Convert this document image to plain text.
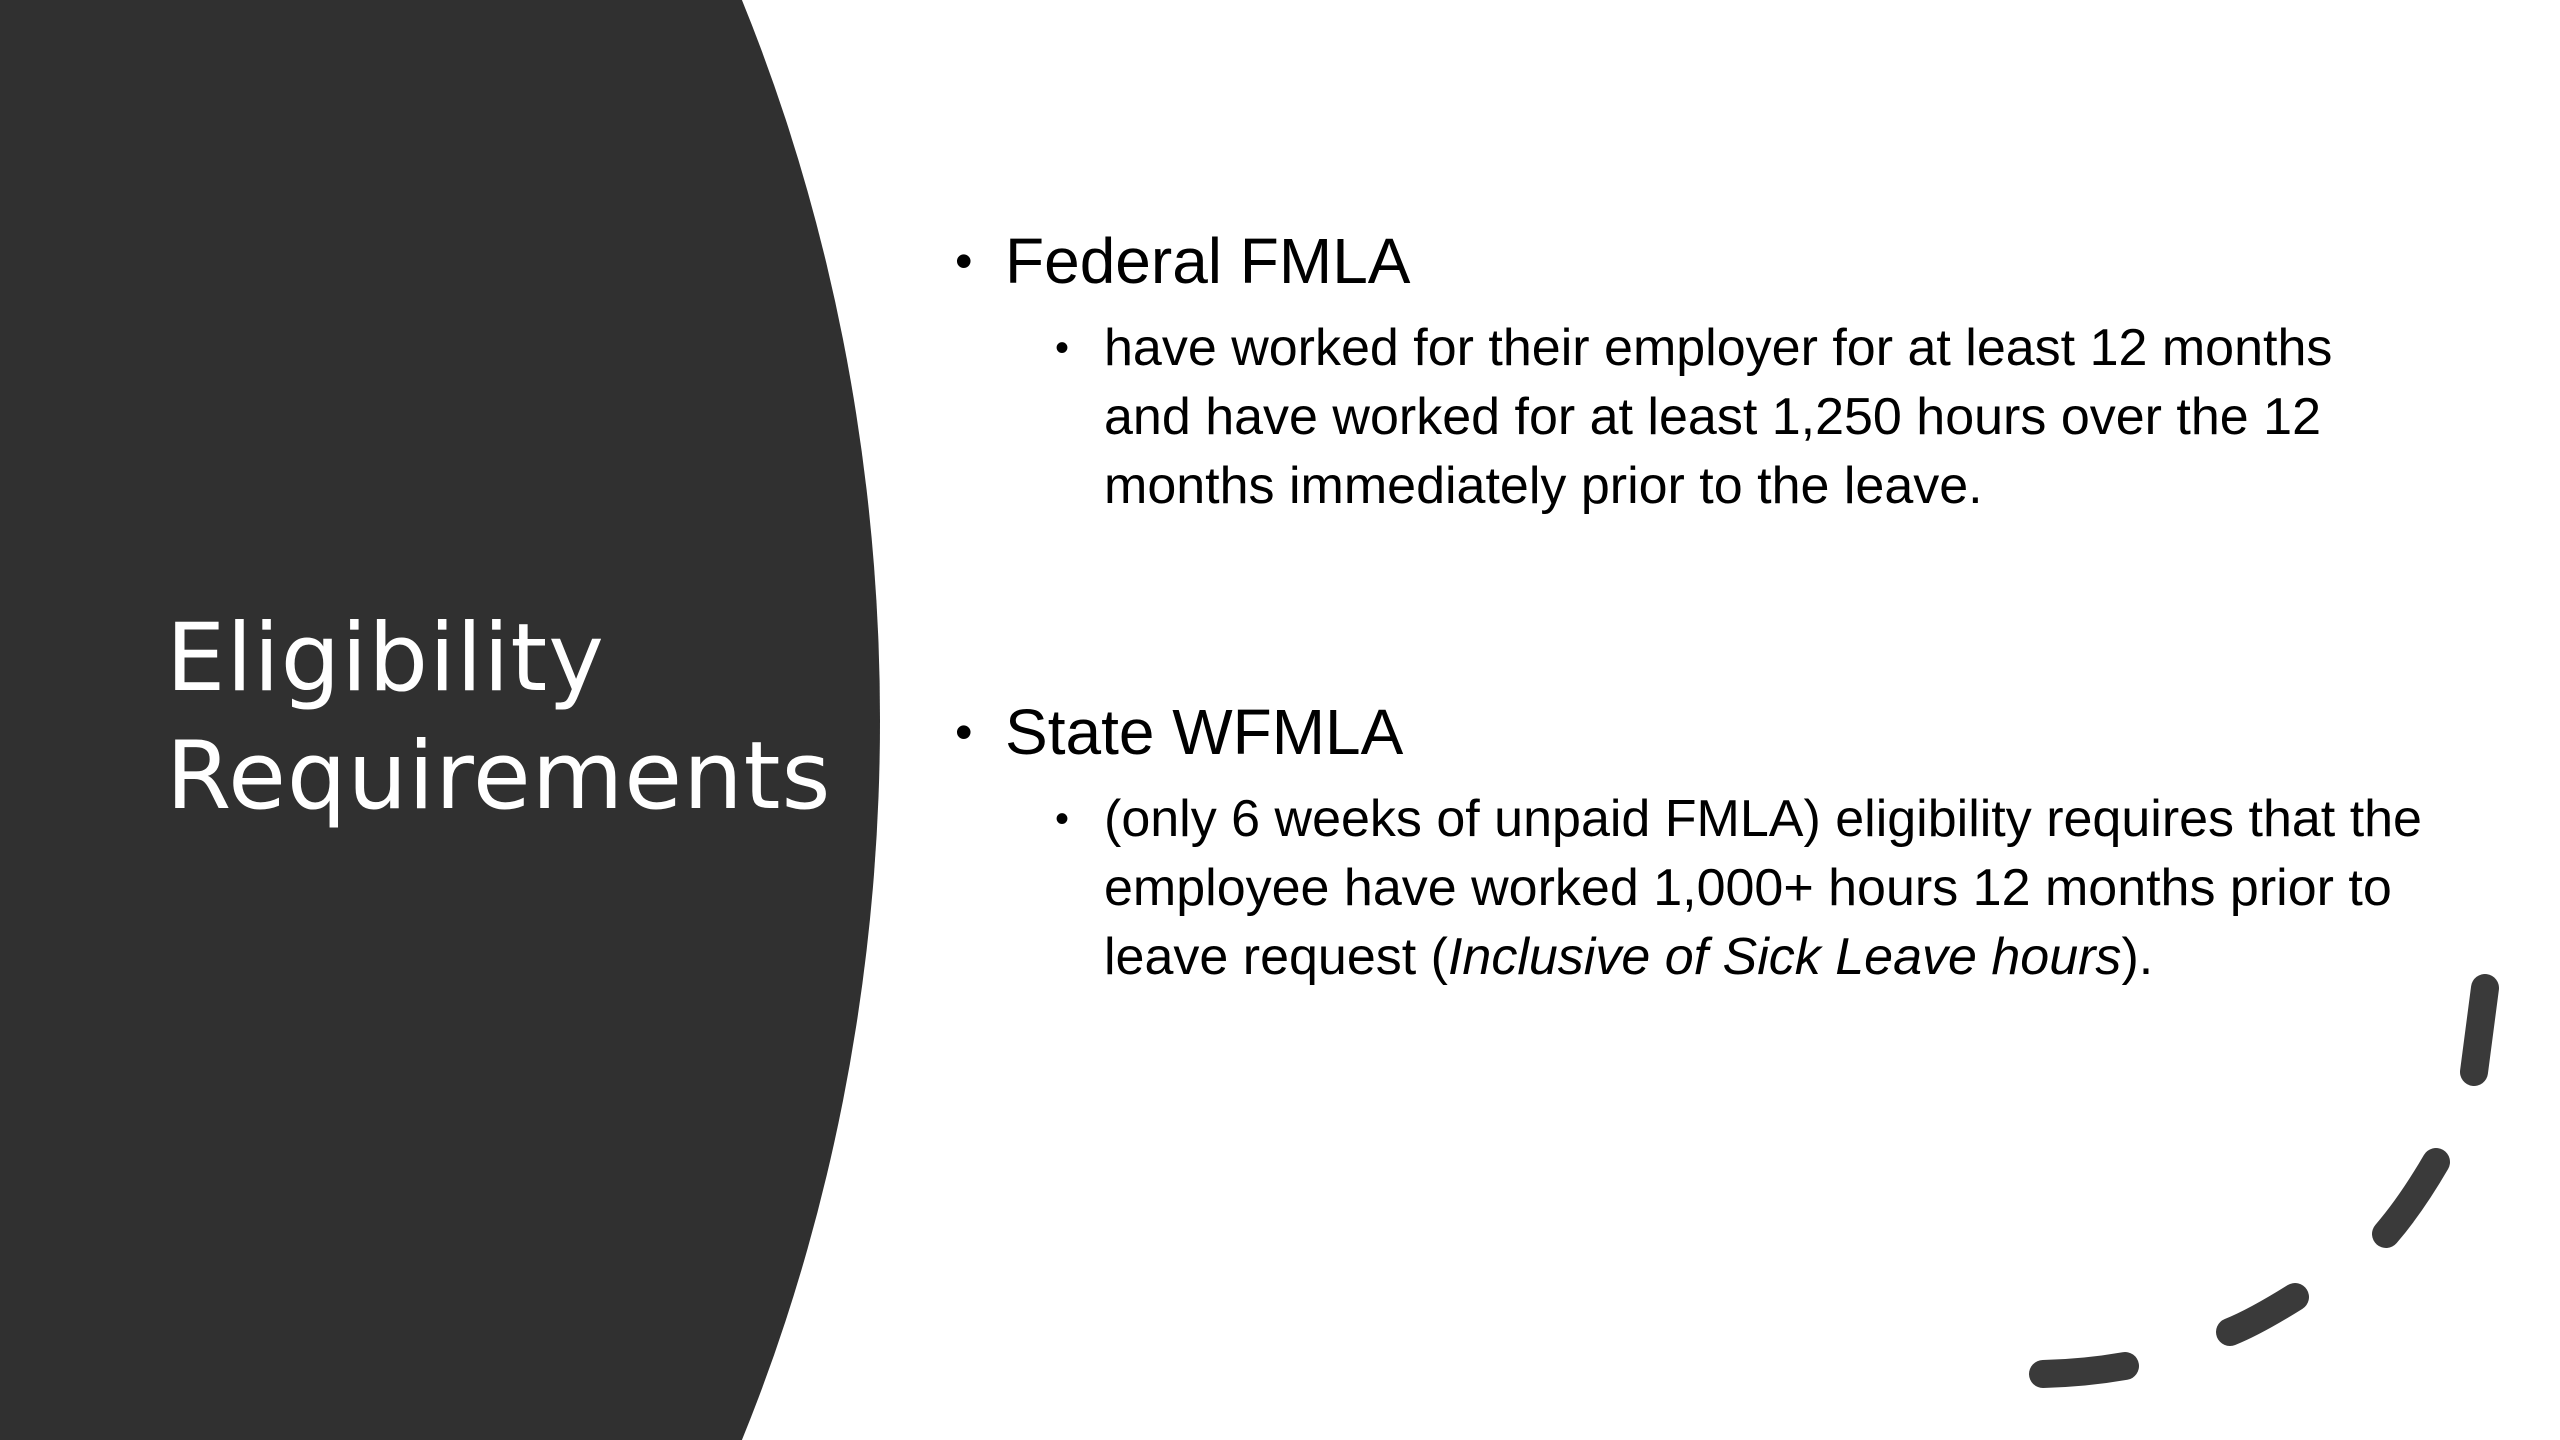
Eligibility
Requirements

• Federal FMLA

• have worked for their employer for at least 12 months and have worked for at least 1,250 hours over the 12 months immediately prior to the leave.

• State WFMLA

• (only 6 weeks of unpaid FMLA) eligibility requires that the employee have worked 1,000+ hours 12 months prior to leave request (Inclusive of Sick Leave hours).
